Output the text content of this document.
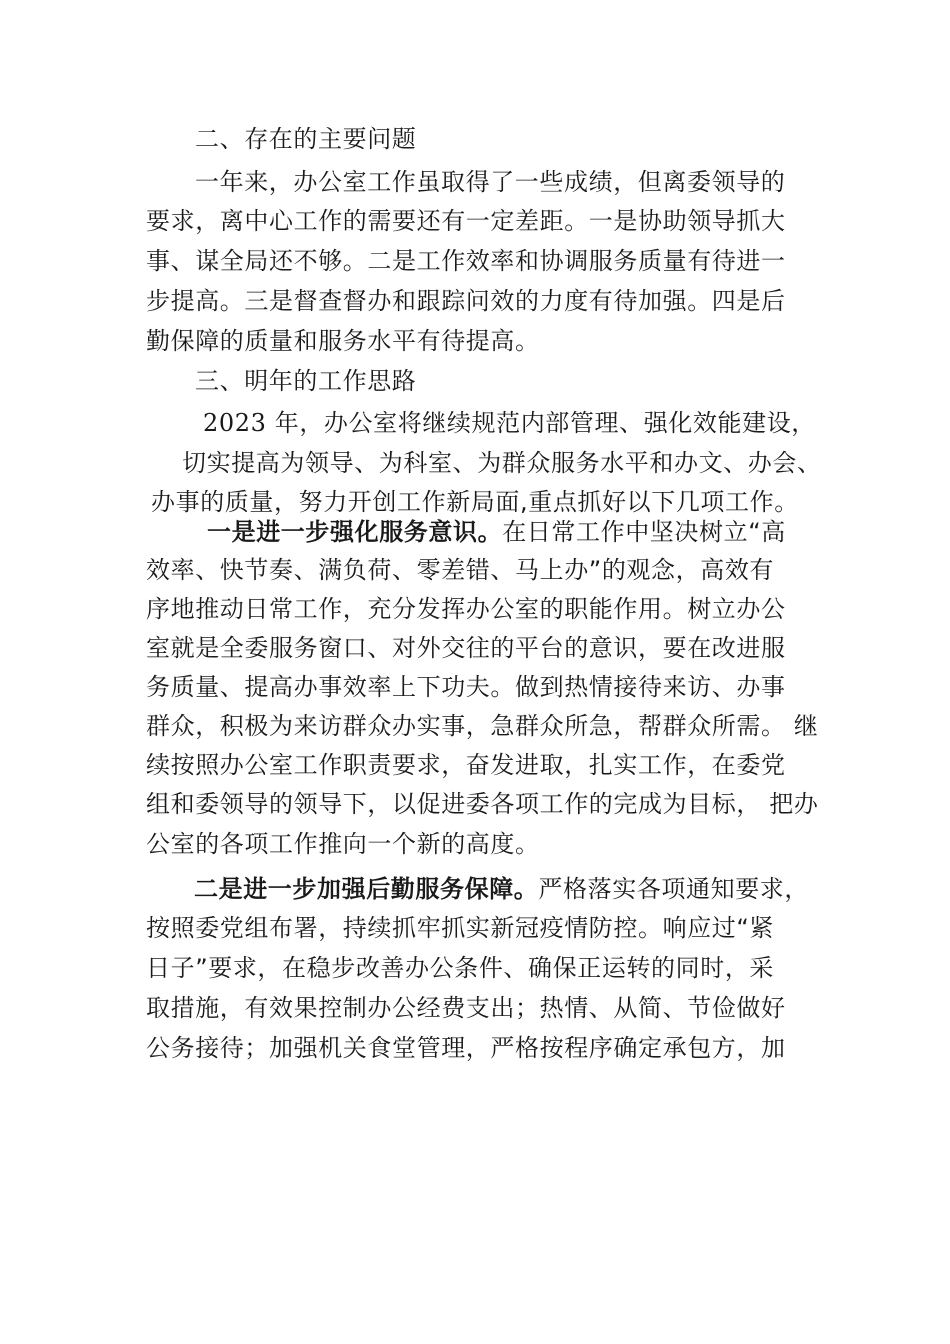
二、存在的主要问题
一年来，办公室工作虽取得了一些成绩，但离委领导的
要求，离中心工作的需要还有一定差距。一是协助领导抓大
事、谋全局还不够。二是工作效率和协调服务质量有待进一
步提高。三是督查督办和跟踪问效的力度有待加强。四是后
勤保障的质量和服务水平有待提高。
三、明年的工作思路
2023 年，办公室将继续规范内部管理、强化效能建设，
切实提高为领导、为科室、为群众服务水平和办文、办会、
办事的质量，努力开创工作新局面,重点抓好以下几项工作。
一是进一步强化服务意识。在日常工作中坚决树立“高
效率、快节奏、满负荷、零差错、马上办”的观念，高效有
序地推动日常工作，充分发挥办公室的职能作用。树立办公
室就是全委服务窗口、对外交往的平台的意识，要在改进服
务质量、提高办事效率上下功夫。做到热情接待来访、办事
群众，积极为来访群众办实事，急群众所急，帮群众所需。 继
续按照办公室工作职责要求，奋发进取，扎实工作，在委党
组和委领导的领导下，以促进委各项工作的完成为目标， 把办
公室的各项工作推向一个新的高度。
二是进一步加强后勤服务保障。严格落实各项通知要求，
按照委党组布署，持续抓牢抓实新冠疫情防控。响应过“紧
日子”要求，在稳步改善办公条件、确保正运转的同时，采
取措施，有效果控制办公经费支出；热情、从简、节俭做好
公务接待；加强机关食堂管理，严格按程序确定承包方，加
